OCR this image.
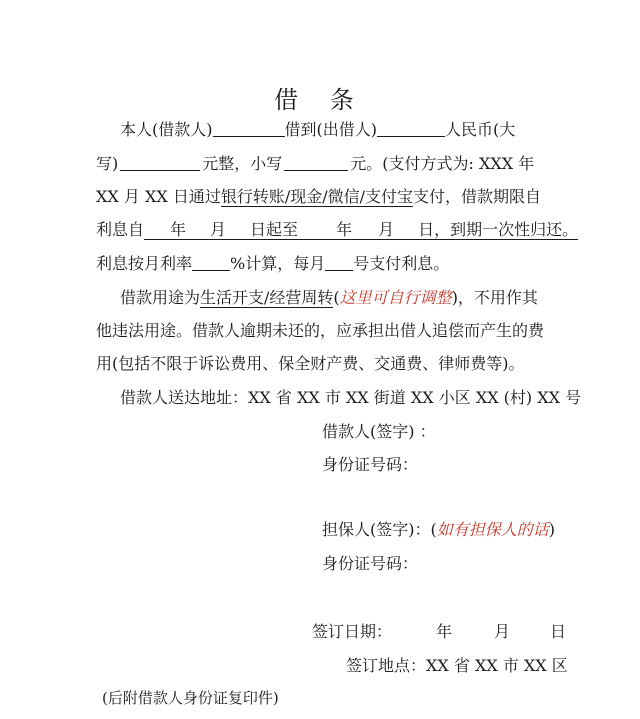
借 条
本人(借款人)	借到(出借人)	人民币(大
写)	元整，小写	元。(支付方式为: XXX 年
XX 月 XX 日通过银行转账/现金/微信/支付宝支付，借款期限自
利息自 年 月 日起至 年 月 日，到期一次性归还。
利息按月利率 %计算，每月 号支付利息。
借款用途为生活开支/经营周转(这里可自行调整)，不用作其
他违法用途。借款人逾期未还的，应承担出借人追偿而产生的费
用(包括不限于诉讼费用、保全财产费、交通费、律师费等)。
借款人送达地址：XX 省 XX 市 XX 街道 XX 小区 XX (村) XX 号
借款人(签字) ：
身份证号码：
担保人(签字)：(如有担保人的话)
身份证号码：
签订日期：	年	月	日
签订地点：XX 省 XX 市 XX 区
(后附借款人身份证复印件)
